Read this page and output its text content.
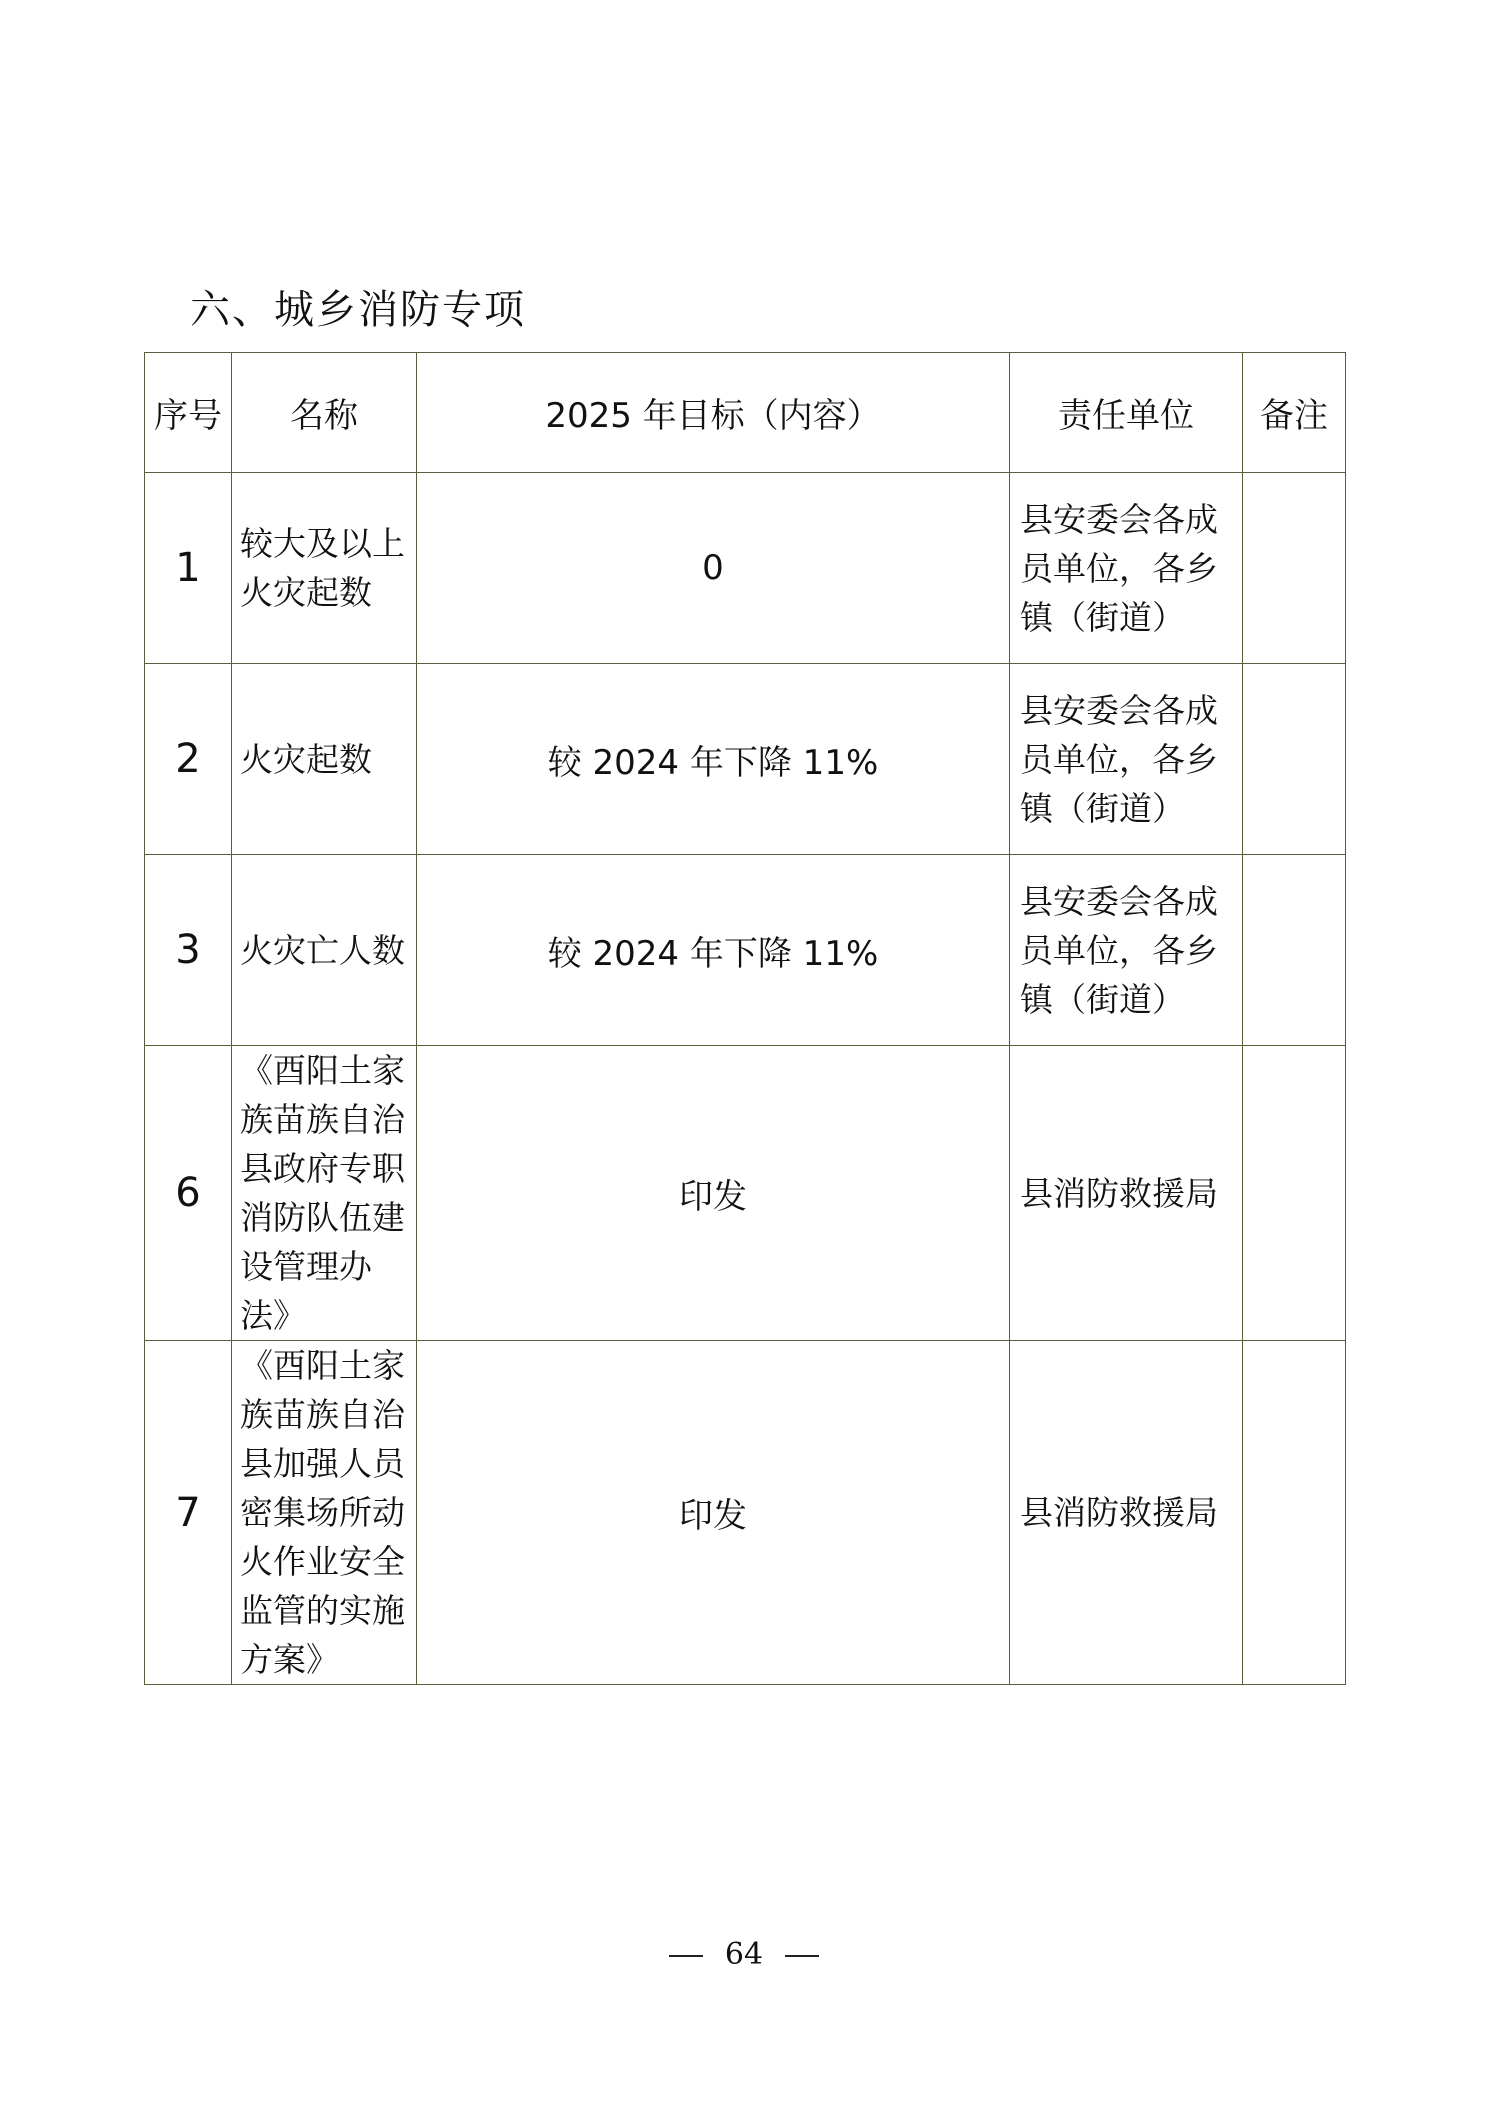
六、城乡消防专项
序号	名称	2025 年目标（内容）	责任单位	备注
1	较大及以上火灾起数	0	县安委会各成员单位，各乡镇（街道）	
2	火灾起数	较 2024 年下降 11%	县安委会各成员单位，各乡镇（街道）	
3	火灾亡人数	较 2024 年下降 11%	县安委会各成员单位，各乡镇（街道）	
6	《酉阳土家族苗族自治县政府专职消防队伍建设管理办法》	印发	县消防救援局	
7	《酉阳土家族苗族自治县加强人员密集场所动火作业安全监管的实施方案》	印发	县消防救援局	
64
